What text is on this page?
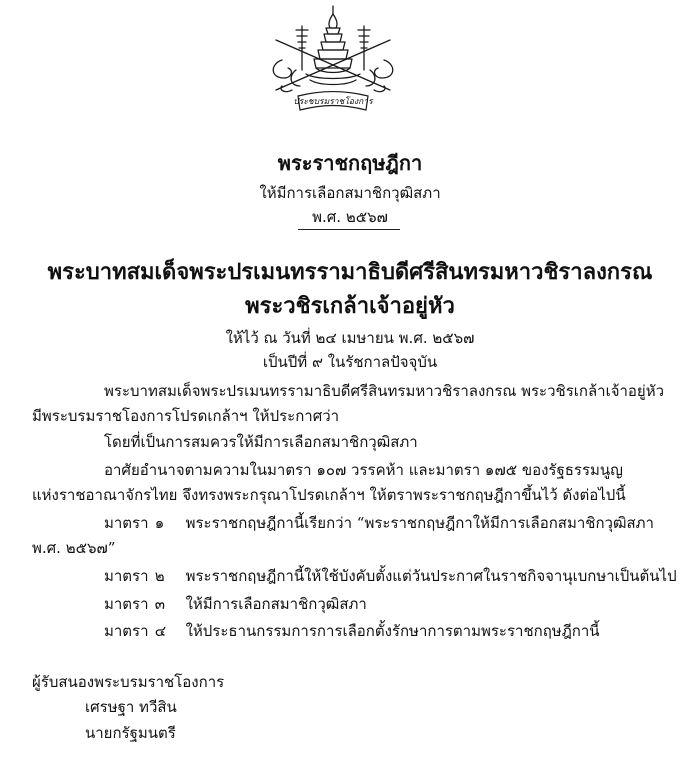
ประชบรมราชโองการ
พระราชกฤษฎีกา
ให้มีการเลือกสมาชิกวุฒิสภา
พ.ศ. ๒๕๖๗
พระบาทสมเด็จพระปรเมนทรรามาธิบดีศรีสินทรมหาวชิราลงกรณ
พระวชิรเกล้าเจ้าอยู่หัว
ให้ไว้ ณ วันที่ ๒๔ เมษายน พ.ศ. ๒๕๖๗
เป็นปีที่ ๙ ในรัชกาลปัจจุบัน
พระบาทสมเด็จพระปรเมนทรรามาธิบดีศรีสินทรมหาวชิราลงกรณ พระวชิรเกล้าเจ้าอยู่หัว
มีพระบรมราชโองการโปรดเกล้าฯ ให้ประกาศว่า
โดยที่เป็นการสมควรให้มีการเลือกสมาชิกวุฒิสภา
อาศัยอำนาจตามความในมาตรา ๑๐๗ วรรคห้า และมาตรา ๑๗๕ ของรัฐธรรมนูญ
แห่งราชอาณาจักรไทย จึงทรงพระกรุณาโปรดเกล้าฯ ให้ตราพระราชกฤษฎีกาขึ้นไว้ ดังต่อไปนี้
มาตรา ๑ พระราชกฤษฎีกานี้เรียกว่า “พระราชกฤษฎีกาให้มีการเลือกสมาชิกวุฒิสภา
พ.ศ. ๒๕๖๗”
มาตรา ๒ พระราชกฤษฎีกานี้ให้ใช้บังคับตั้งแต่วันประกาศในราชกิจจานุเบกษาเป็นต้นไป
มาตรา ๓ ให้มีการเลือกสมาชิกวุฒิสภา
มาตรา ๔ ให้ประธานกรรมการการเลือกตั้งรักษาการตามพระราชกฤษฎีกานี้
ผู้รับสนองพระบรมราชโองการ
เศรษฐา ทวีสิน
นายกรัฐมนตรี
